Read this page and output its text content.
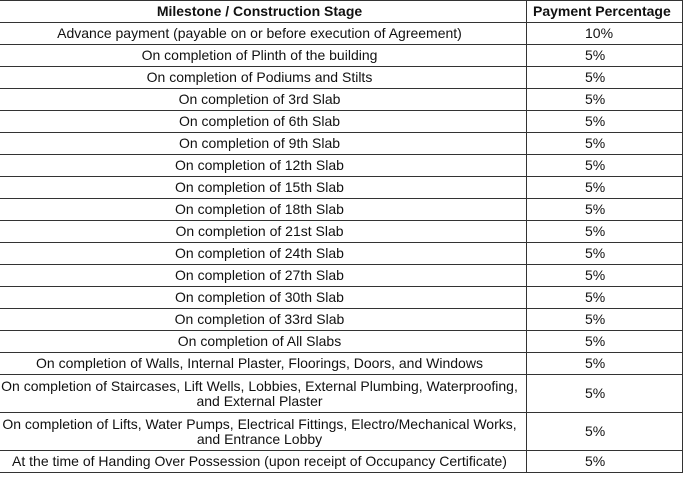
Milestone / Construction Stage	Payment Percentage
Advance payment (payable on or before execution of Agreement)	10%
On completion of Plinth of the building	5%
On completion of Podiums and Stilts	5%
On completion of 3rd Slab	5%
On completion of 6th Slab	5%
On completion of 9th Slab	5%
On completion of 12th Slab	5%
On completion of 15th Slab	5%
On completion of 18th Slab	5%
On completion of 21st Slab	5%
On completion of 24th Slab	5%
On completion of 27th Slab	5%
On completion of 30th Slab	5%
On completion of 33rd Slab	5%
On completion of All Slabs	5%
On completion of Walls, Internal Plaster, Floorings, Doors, and Windows	5%
On completion of Staircases, Lift Wells, Lobbies, External Plumbing, Waterproofing, and External Plaster	5%
On completion of Lifts, Water Pumps, Electrical Fittings, Electro/Mechanical Works, and Entrance Lobby	5%
At the time of Handing Over Possession (upon receipt of Occupancy Certificate)	5%
